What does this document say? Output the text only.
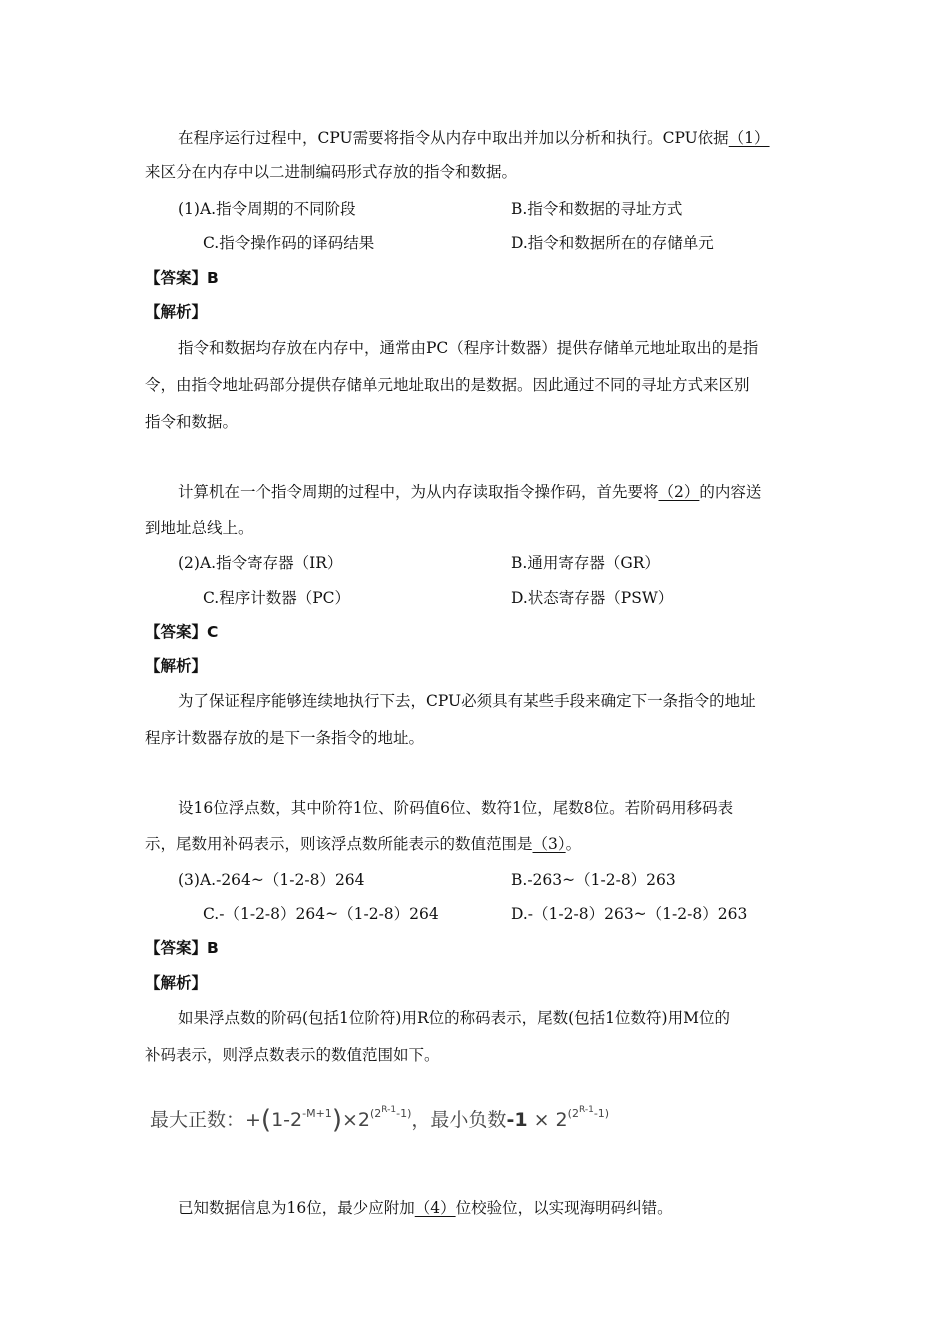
在程序运行过程中，CPU需要将指令从内存中取出并加以分析和执行。CPU依据（1）
来区分在内存中以二进制编码形式存放的指令和数据。
(1)A.指令周期的不同阶段	B.指令和数据的寻址方式
C.指令操作码的译码结果	D.指令和数据所在的存储单元
【答案】B
【解析】
指令和数据均存放在内存中，通常由PC（程序计数器）提供存储单元地址取出的是指
令，由指令地址码部分提供存储单元地址取出的是数据。因此通过不同的寻址方式来区别
指令和数据。
计算机在一个指令周期的过程中，为从内存读取指令操作码，首先要将（2）的内容送
到地址总线上。
(2)A.指令寄存器（IR）	B.通用寄存器（GR）
C.程序计数器（PC）	D.状态寄存器（PSW）
【答案】C
【解析】
为了保证程序能够连续地执行下去，CPU必须具有某些手段来确定下一条指令的地址
程序计数器存放的是下一条指令的地址。
设16位浮点数，其中阶符1位、阶码值6位、数符1位，尾数8位。若阶码用移码表
示，尾数用补码表示，则该浮点数所能表示的数值范围是（3）。
(3)A.-264~（1-2-8）264	B.-263~（1-2-8）263
C.-（1-2-8）264~（1-2-8）264	D.-（1-2-8）263~（1-2-8）263
【答案】B
【解析】
如果浮点数的阶码(包括1位阶符)用R位的称码表示，尾数(包括1位数符)用M位的
补码表示，则浮点数表示的数值范围如下。
最大正数：$+(1-2^{-M+1})\times 2^{(2^{R-1}-1)}$，最小负数$-1 \times 2^{(2^{R-1}-1)}$
已知数据信息为16位，最少应附加（4）位校验位，以实现海明码纠错。
